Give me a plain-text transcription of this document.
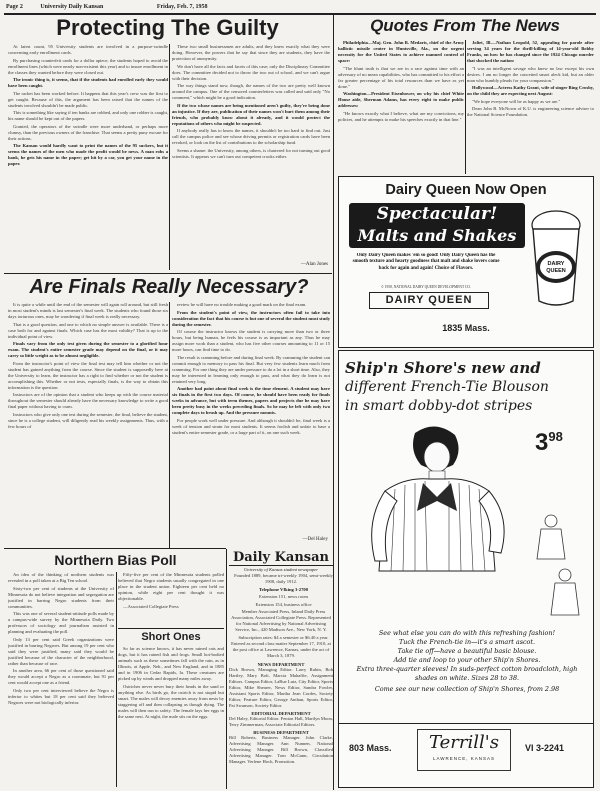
Page 2	University Daily Kansan	Friday, Feb. 7, 1958
Protecting The Guilty

At latest count, 95 University students are involved in a purpose-swindle concerning early enrollment cards.

By purchasing counterfeit cards for a dollar apiece, the students hoped to avoid the enrollment lines (which were nearly non-existent this year) and to insure enrollment in the classes they wanted before they were closed out.

The ironic thing is, it seems, that if the students had enrolled early they would have been caught.

The racket has been worked before. It happens that this year's crew was the first to get caught. Because of this, the argument has been raised that the names of the students involved shouldn't be made public.

This is something like saying if ten banks are robbed, and only one robber is caught, his name should be kept out of the papers.

Granted, the operators of the swindle were more underhand, or perhaps more clumsy, than the previous owners of the franchise. That seems a pretty puny excuse for their actions.

The Kansan would hardly want to print the names of the 95 suckers, but it seems the names of the men who made the profit would be news. A man robs a bank, he gets his name in the paper; get hit by a car, you get your name in the paper.

These two small businessmen are adults, and they knew exactly what they were doing. However, the powers that be say that since they are students, they have the protection of anonymity.

We don't have all the facts and facets of this case; only the Disciplinary Committee does. The committee decided not to throw the two out of school, and we can't argue with their decision.

The way things stand now, though, the names of the two are pretty well known around the campus. One of the censored counterfeiters was called and said only "No comment," which might be a good indication.

If the two whose names are being mentioned aren't guilty, they're being done an injustice. If they are, publication of their names won't hurt them among their friends, who probably know about it already, and it would protect the reputations of others who might be suspected.

If anybody really has to know the names, it shouldn't be too hard to find out. Just call the campus police and see whose driving permits or registration cards have been revoked, or look on the list of contributions to the scholarship fund.

Seems a shame: the University, among others, is chartered for not turning out good scientists. It appears we can't turn out competent crooks either.

—Alan Jones
Are Finals Really Necessary?

It is quite a while until the end of the semester will again roll around, but still fresh in most student's minds is last semester's final week. The students who found those six days torturous ones, may be wondering if final week is really necessary.

That is a good question, and one to which no simple answer is available. There is a case both for and against finals. Which case has the most validity? That is up to the individual point of view.

Finals vary from the only test given during the semester to a glorified hour exam. The student's entire semester grade may depend on the final, or it may carry so little weight as to be almost negligible.

From the instructor's point of view the final test may tell him whether or not the student has gained anything from the course. Since the student is supposedly here at the University to learn, the instructor has a right to find whether or not the student is accomplishing this. Whether or not tests, especially finals, is the way to obtain this information is the question.

Instructors are of the opinion that a student who keeps up with the course material throughout the semester should already have the necessary knowledge to write a good final paper without having to cram.

Instructors who give only one test during the semester, the final, believe the student, since he is a college student, will diligently read his weekly assignments. Thus, with a few hours of

review he will have no trouble making a good mark on the final exam.

From the student's point of view, the instructors often fail to take into consideration the fact that his course is but one of several the student must study during the semester.

Of course the instructor knows the student is carrying more than two or three hours, but being human, he feels his course is as important as any. Thus he may assign more work than a student, who has five other courses amounting to 11 or 15 more hours, can find time to do.

The result is cramming before and during final week. By cramming the student can commit enough to memory to pass his final. But very few students learn much from cramming. For one thing they are under pressure to do a lot in a short time. Also, they may be interested in learning only enough to pass, and what they do learn is not retained very long.

Another bad point about final week is the time element. A student may have six finals in the first two days. Of course, he should have been ready for finals weeks in advance, but with term themes, papers and projects due he may have been pretty busy in the weeks preceding finals. So he may be left with only two complete days to brush up. And the pressure mounts.

For people work well under pressure. And although it shouldn't be, final week is a week of tension and strain for most students. It seems foolish and unfair to base a student's entire semester grade, or a large part of it, on one such week.

—Del Haley
Northern Bias Poll

An idea of the thinking of northern students was revealed in a poll taken at a Big Ten school.

Sixty-two per cent of students at the University of Minnesota do not believe integration and segregation are justified in barring Negro students from their communities.

This was one of several student-attitude polls made by a campus-wide survey by the Minnesota Daily. Two professors of sociology and journalism assisted in planning and evaluating the poll.

Only 13 per cent said Greek organizations were justified in barring Negroes. But among 19 per cent who said they were justified, many said they would be justified because of the character of the neighborhood, rather than because of race.

In another area, 66 per cent of those questioned said they would accept a Negro as a roommate, but 91 per cent would accept one as a friend.

Only two per cent interviewed believe the Negro is inferior to whites but 18 per cent said they believed Negroes were not biologically inferior.

Fifty-five per cent of the Minnesota students polled believed that Negro students usually congregated in one place in the student union. Eighteen per cent held no opinion, while eight per cent thought it was objectionable.

—Associated Collegiate Press

Short Ones

So far as science knows, it has never rained cats and dogs, but it has rained fish and frogs. Small hot-bodied animals such as these sometimes fall with the rain, as in Illinois, at Apple, Neb., and New England, and in 1885 and in 1906 in Cedar Rapids, Ia. These creatures are picked up by winds and dropped many miles away.

Ostriches never never bury their heads in the sand or anything else. As birds go, the ostrich is not stupid but smart. The males will decoy enemies away from nests by staggering off and then collapsing as though dying. The males will then run to safety. The female lays her eggs in the same nest. At night, the male sits on the eggs.

Daily Kansan
University of Kansas student newspaper

Founded 1889, became tri-weekly 1904, semi-weekly 1908, daily 1912.

Telephone VIking 3-2700

Extension 151, news room

Extension 154, business office

Member Associated Press, Inland Daily Press Association, Associated Collegiate Press. Represented for National Advertising by National Advertising Service, Inc., 420 Madison Ave., New York, N. Y.

Subscription rates: $4 a semester or $6.40 a year. Entered as second class matter September 17, 1910, at the post office at Lawrence, Kansas, under the act of March 3, 1879.

NEWS DEPARTMENT
Dick Brown, Managing Editor. Larry Rubin, Bob Hartley, Mary Bolt, Marcia Mahaffie, Assignment Editors. Campus Editor, LaRue Lutz, City Editor, Sports Editor, Mike Shearer, News Editor, Sandra Fowler, Assistant Sports Editor, Martha Jean Cordes, Society Editor, Feature Editor, George Anthan, Sports Editor, Pat Swanson, Society Editor.
EDITORIAL DEPARTMENT
Del Haley, Editorial Editor. Fenton Hall, Marilyn Moon, Terry Zimmerman, Associate Editorial Editors.
BUSINESS DEPARTMENT
Bill Roberts, Business Manager. John Clarke, Advertising Manager. Ann Nunnen, National Advertising Manager. Bill Brown, Classified Advertising Manager. Tom McGann, Circulation Manager. Verlene Hoch, Promotion.
Quotes From The News

Philadelphia—Maj. Gen. John B. Medaris, chief of the Army ballistic missile center in Huntsville, Ala., on the urgent necessity for the United States to achieve manned control of space:

"The blunt truth is that we are in a race against time with an adversary of no mean capabilities, who has committed to his effort a far greater percentage of his total resources than we have as yet done."

Washington—President Eisenhower, on why his chief White House aide, Sherman Adams, has every right to make public addresses:

"He knows exactly what I believe, what are my convictions, my policies, and he attempts to make his speeches exactly in that line."

Joliet, Ill.—Nathan Leopold, 52, appealing for parole after serving 34 years for the thrill-killing of 14-year-old Bobby Franks, on how he has changed since the 1924 Chicago murder that shocked the nation:

"I was an intelligent savage who knew no law except his own desires. I am no longer the conceited smart aleck kid, but an older man who humbly pleads for your compassion."

Hollywood—Actress Kathy Grant, wife of singer Bing Crosby, on the child they are expecting next August:

"We hope everyone will be as happy as we are."

Dean John B. McNown of K.U. is engineering science adviser to the National Science Foundation.

Dairy Queen Now Open
Spectacular!
Malts and Shakes
Only Dairy Queen makes 'em so good! Only Dairy Queen has the smooth texture and hearty goodness that malt and shake lovers come back for again and again! Choice of Flavors.
© 1958, NATIONAL DAIRY QUEEN DEVELOPMENT CO.
DAIRY QUEEN
DAIRY
QUEEN
1835 Mass.
Ship'n Shore's new and
different French-Tie Blouson
in smart dobby-dot stripes
$3^{98}$
See what else you can do with this refreshing fashion!
Tuck the French-tie in—it's a smart ascot.
Take tie off—have a beautiful basic blouse.
Add tie and loop to your other Ship'n Shores.
Extra three-quarter sleeves! In suds-perfect cotton broadcloth, high shades on white. Sizes 28 to 38.
Come see our new collection of Ship'n Shores, from 2.98
803 Mass.	Terrill's
LAWRENCE, KANSAS
VI 3-2241
